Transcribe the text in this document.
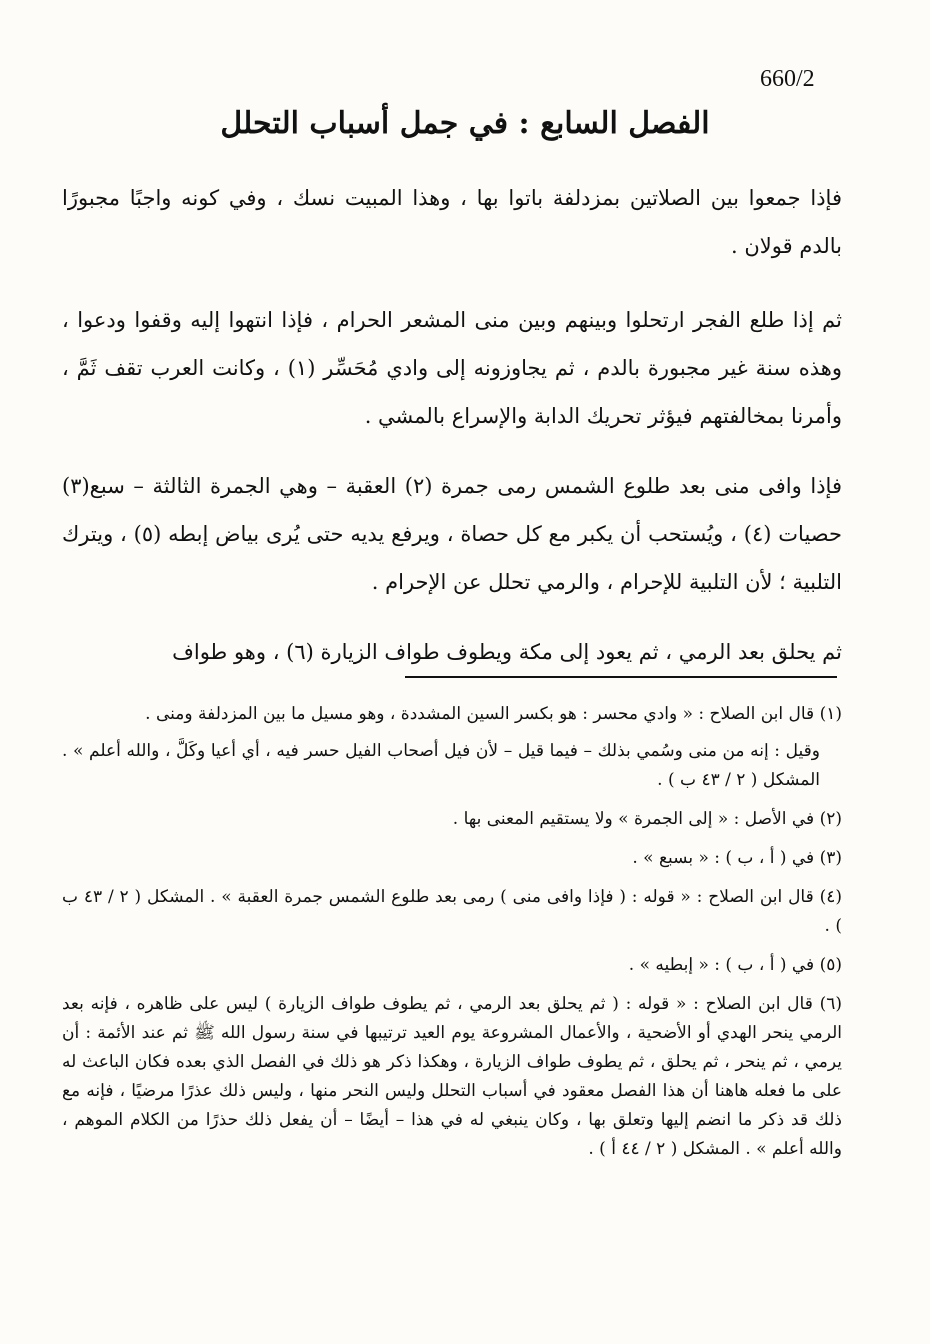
660/2
الفصل السابع : في جمل أسباب التحلل

فإذا جمعوا بين الصلاتين بمزدلفة باتوا بها ، وهذا المبيت نسك ، وفي كونه واجبًا مجبورًا بالدم قولان .

ثم إذا طلع الفجر ارتحلوا وبينهم وبين منى المشعر الحرام ، فإذا انتهوا إليه وقفوا ودعوا ، وهذه سنة غير مجبورة بالدم ، ثم يجاوزونه إلى وادي مُحَسِّر (١) ، وكانت العرب تقف ثَمَّ ، وأمرنا بمخالفتهم فيؤثر تحريك الدابة والإسراع بالمشي .

فإذا وافى منى بعد طلوع الشمس رمى جمرة (٢) العقبة – وهي الجمرة الثالثة – سبع(٣) حصيات (٤) ، ويُستحب أن يكبر مع كل حصاة ، ويرفع يديه حتى يُرى بياض إبطه (٥) ، ويترك التلبية ؛ لأن التلبية للإحرام ، والرمي تحلل عن الإحرام .

ثم يحلق بعد الرمي ، ثم يعود إلى مكة ويطوف طواف الزيارة (٦) ، وهو طواف

(١) قال ابن الصلاح : « وادي محسر : هو بكسر السين المشددة ، وهو مسيل ما بين المزدلفة ومنى .

وقيل : إنه من منى وسُمي بذلك – فيما قيل – لأن فيل أصحاب الفيل حسر فيه ، أي أعيا وكَلَّ ، والله أعلم » . المشكل ( ٢ / ٤٣ ب ) .

(٢) في الأصل : « إلى الجمرة » ولا يستقيم المعنى بها .

(٣) في ( أ ، ب ) : « بسبع » .

(٤) قال ابن الصلاح : « قوله : ( فإذا وافى منى ) رمى بعد طلوع الشمس جمرة العقبة » . المشكل ( ٢ / ٤٣ ب ) .

(٥) في ( أ ، ب ) : « إبطيه » .

(٦) قال ابن الصلاح : « قوله : ( ثم يحلق بعد الرمي ، ثم يطوف طواف الزيارة ) ليس على ظاهره ، فإنه بعد الرمي ينحر الهدي أو الأضحية ، والأعمال المشروعة يوم العيد ترتيبها في سنة رسول الله ﷺ ثم عند الأئمة : أن يرمي ، ثم ينحر ، ثم يحلق ، ثم يطوف طواف الزيارة ، وهكذا ذكر هو ذلك في الفصل الذي بعده فكان الباعث له على ما فعله هاهنا أن هذا الفصل معقود في أسباب التحلل وليس النحر منها ، وليس ذلك عذرًا مرضيًا ، فإنه مع ذلك قد ذكر ما انضم إليها وتعلق بها ، وكان ينبغي له في هذا – أيضًا – أن يفعل ذلك حذرًا من الكلام الموهم ، والله أعلم » . المشكل ( ٢ / ٤٤ أ ) .
